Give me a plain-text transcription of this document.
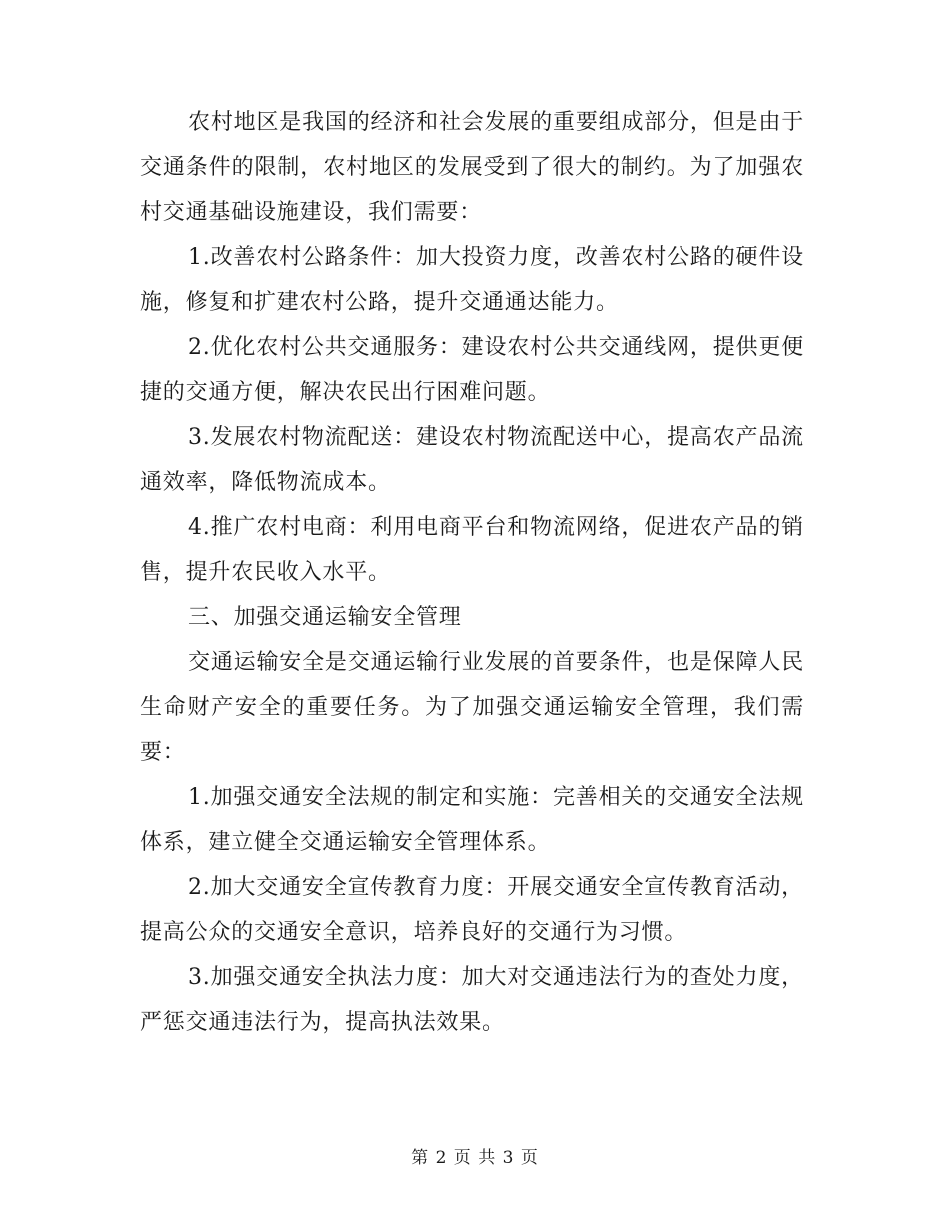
农村地区是我国的经济和社会发展的重要组成部分，但是由于交通条件的限制，农村地区的发展受到了很大的制约。为了加强农村交通基础设施建设，我们需要：

1.改善农村公路条件：加大投资力度，改善农村公路的硬件设施，修复和扩建农村公路，提升交通通达能力。

2.优化农村公共交通服务：建设农村公共交通线网，提供更便捷的交通方便，解决农民出行困难问题。

3.发展农村物流配送：建设农村物流配送中心，提高农产品流通效率，降低物流成本。

4.推广农村电商：利用电商平台和物流网络，促进农产品的销售，提升农民收入水平。

三、加强交通运输安全管理

交通运输安全是交通运输行业发展的首要条件，也是保障人民生命财产安全的重要任务。为了加强交通运输安全管理，我们需要：

1.加强交通安全法规的制定和实施：完善相关的交通安全法规体系，建立健全交通运输安全管理体系。

2.加大交通安全宣传教育力度：开展交通安全宣传教育活动，提高公众的交通安全意识，培养良好的交通行为习惯。

3.加强交通安全执法力度：加大对交通违法行为的查处力度，严惩交通违法行为，提高执法效果。

第 2 页 共 3 页
